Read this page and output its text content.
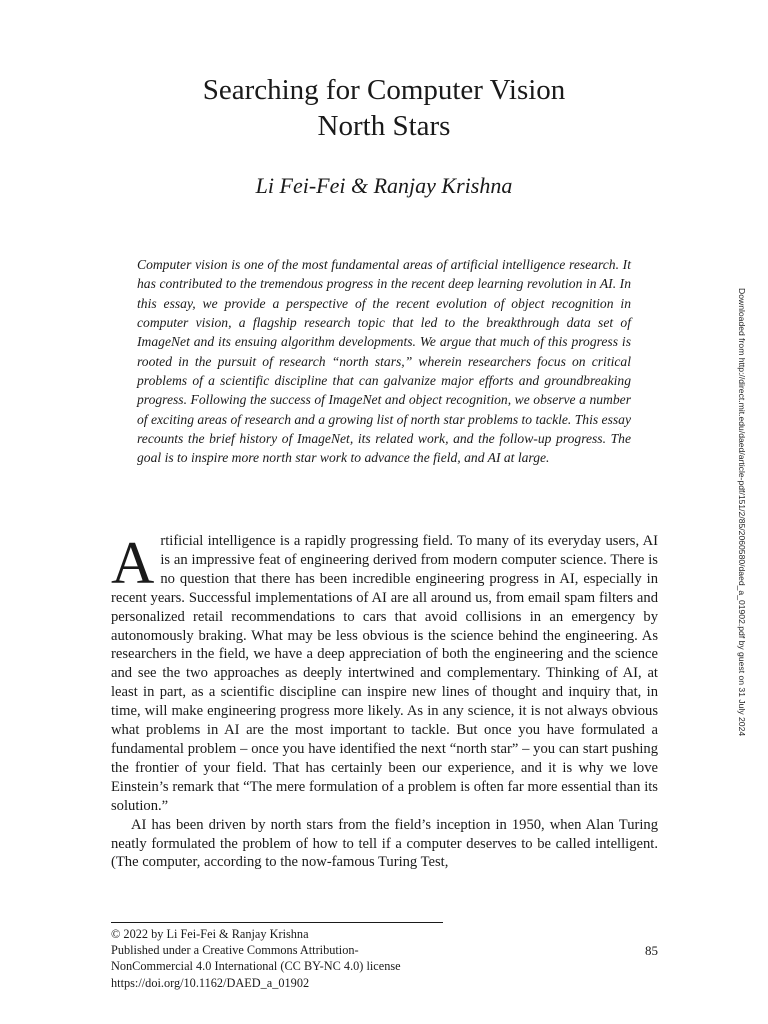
Searching for Computer Vision
North Stars
Li Fei-Fei & Ranjay Krishna

Computer vision is one of the most fundamental areas of artificial intelligence research. It has contributed to the tremendous progress in the recent deep learning revolution in AI. In this essay, we provide a perspective of the recent evolution of object recognition in computer vision, a flagship research topic that led to the breakthrough data set of ImageNet and its ensuing algorithm developments. We argue that much of this progress is rooted in the pursuit of research “north stars,” wherein researchers focus on critical problems of a scientific discipline that can galvanize major efforts and groundbreaking progress. Following the success of ImageNet and object recognition, we observe a number of exciting areas of research and a growing list of north star problems to tackle. This essay recounts the brief history of ImageNet, its related work, and the follow-up progress. The goal is to inspire more north star work to advance the field, and AI at large.

Artificial intelligence is a rapidly progressing field. To many of its everyday users, AI is an impressive feat of engineering derived from modern computer science. There is no question that there has been incredible engineering progress in AI, especially in recent years. Successful implementations of AI are all around us, from email spam filters and personalized retail recommendations to cars that avoid collisions in an emergency by autonomously braking. What may be less obvious is the science behind the engineering. As researchers in the field, we have a deep appreciation of both the engineering and the science and see the two approaches as deeply intertwined and complementary. Thinking of AI, at least in part, as a scientific discipline can inspire new lines of thought and inquiry that, in time, will make engineering progress more likely. As in any science, it is not always obvious what problems in AI are the most important to tackle. But once you have formulated a fundamental problem – once you have identified the next “north star” – you can start pushing the frontier of your field. That has certainly been our experience, and it is why we love Einstein’s remark that “The mere formulation of a problem is often far more essential than its solution.”

AI has been driven by north stars from the field’s inception in 1950, when Alan Turing neatly formulated the problem of how to tell if a computer deserves to be called intelligent. (The computer, according to the now-famous Turing Test,

© 2022 by Li Fei-Fei & Ranjay Krishna
Published under a Creative Commons Attribution-
NonCommercial 4.0 International (CC BY-NC 4.0) license
https://doi.org/10.1162/DAED_a_01902
85
Downloaded from http://direct.mit.edu/daed/article-pdf/151/2/85/2060580/daed_a_01902.pdf by guest on 31 July 2024
